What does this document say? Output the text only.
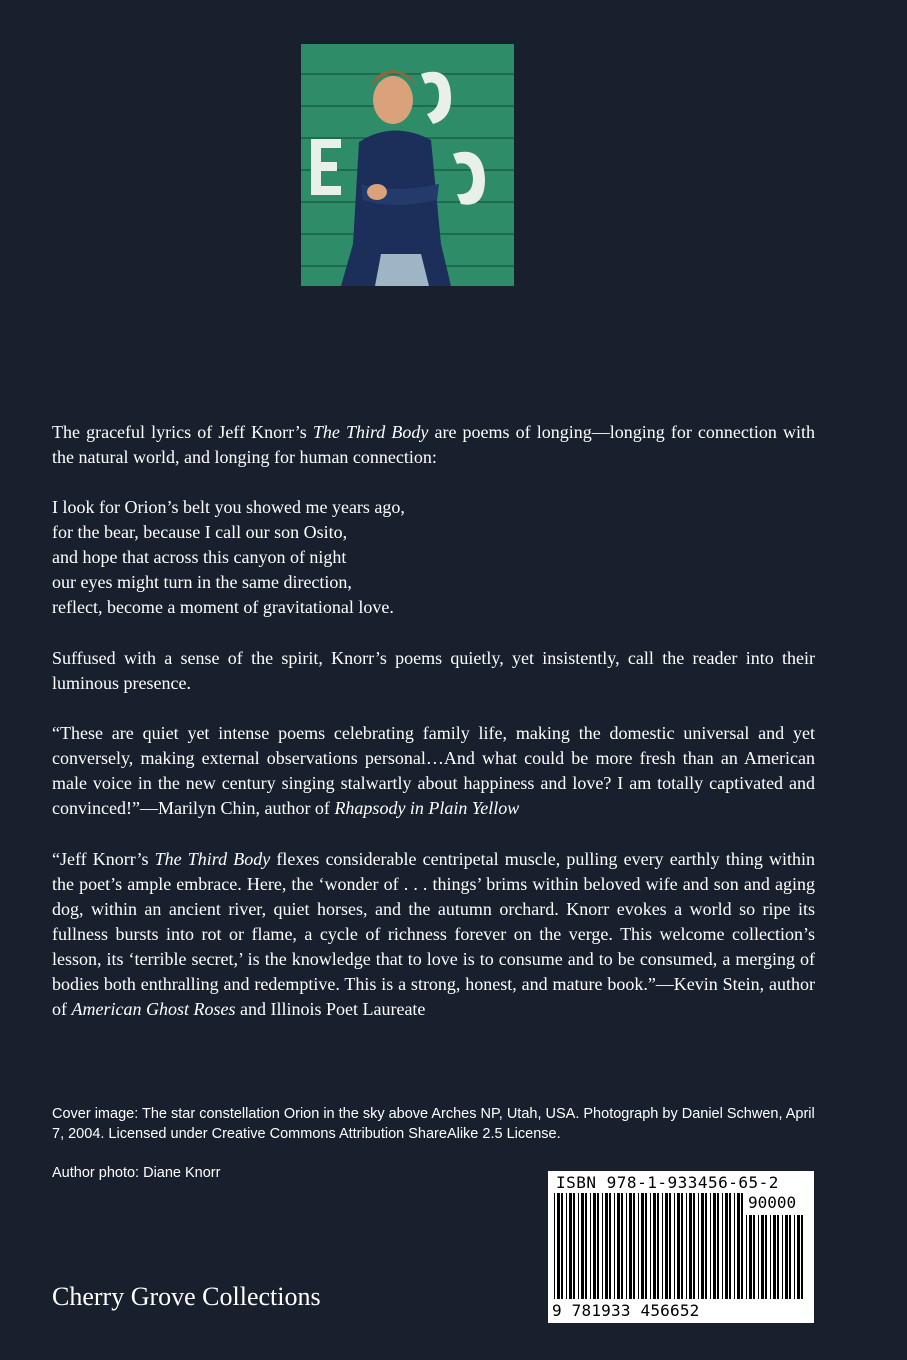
The graceful lyrics of Jeff Knorr’s The Third Body are poems of longing—longing for connection with the natural world, and longing for human connection:

I look for Orion’s belt you showed me years ago,
for the bear, because I call our son Osito,
and hope that across this canyon of night
our eyes might turn in the same direction,
reflect, become a moment of gravitational love.

Suffused with a sense of the spirit, Knorr’s poems quietly, yet insistently, call the reader into their luminous presence.

“These are quiet yet intense poems celebrating family life, making the domestic universal and yet conversely, making external observations personal…And what could be more fresh than an American male voice in the new century singing stalwartly about happiness and love? I am totally captivated and convinced!”—Marilyn Chin, author of Rhapsody in Plain Yellow

“Jeff Knorr’s The Third Body flexes considerable centripetal muscle, pulling every earthly thing within the poet’s ample embrace. Here, the ‘wonder of . . . things’ brims within beloved wife and son and aging dog, within an ancient river, quiet horses, and the autumn orchard. Knorr evokes a world so ripe its fullness bursts into rot or flame, a cycle of richness forever on the verge. This welcome collection’s lesson, its ‘terrible secret,’ is the knowledge that to love is to consume and to be consumed, a merging of bodies both enthralling and redemptive. This is a strong, honest, and mature book.”—Kevin Stein, author of American Ghost Roses and Illinois Poet Laureate

Cover image: The star constellation Orion in the sky above Arches NP, Utah, USA. Photograph by Daniel Schwen, April 7, 2004. Licensed under Creative Commons Attribution ShareAlike 2.5 License.

Author photo: Diane Knorr

Cherry Grove Collections
ISBN 978-1-933456-65-2
90000
9 781933 456652
